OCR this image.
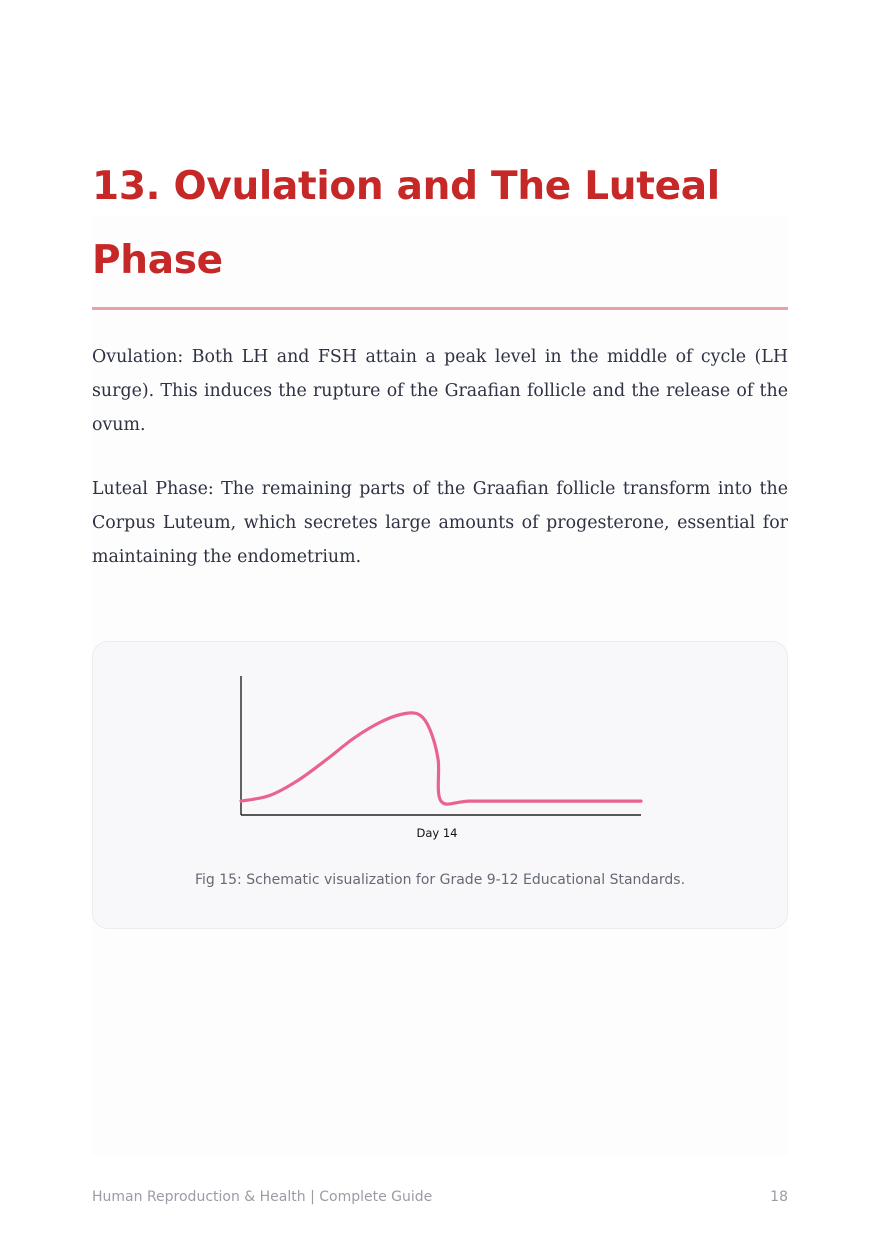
13. Ovulation and The Luteal Phase

Ovulation: Both LH and FSH attain a peak level in the middle of cycle (LH surge). This induces the rupture of the Graafian follicle and the release of the ovum.

Luteal Phase: The remaining parts of the Graafian follicle transform into the Corpus Luteum, which secretes large amounts of progesterone, essential for maintaining the endometrium.

Day 14
Fig 15: Schematic visualization for Grade 9-12 Educational Standards.
Human Reproduction & Health | Complete Guide	18
